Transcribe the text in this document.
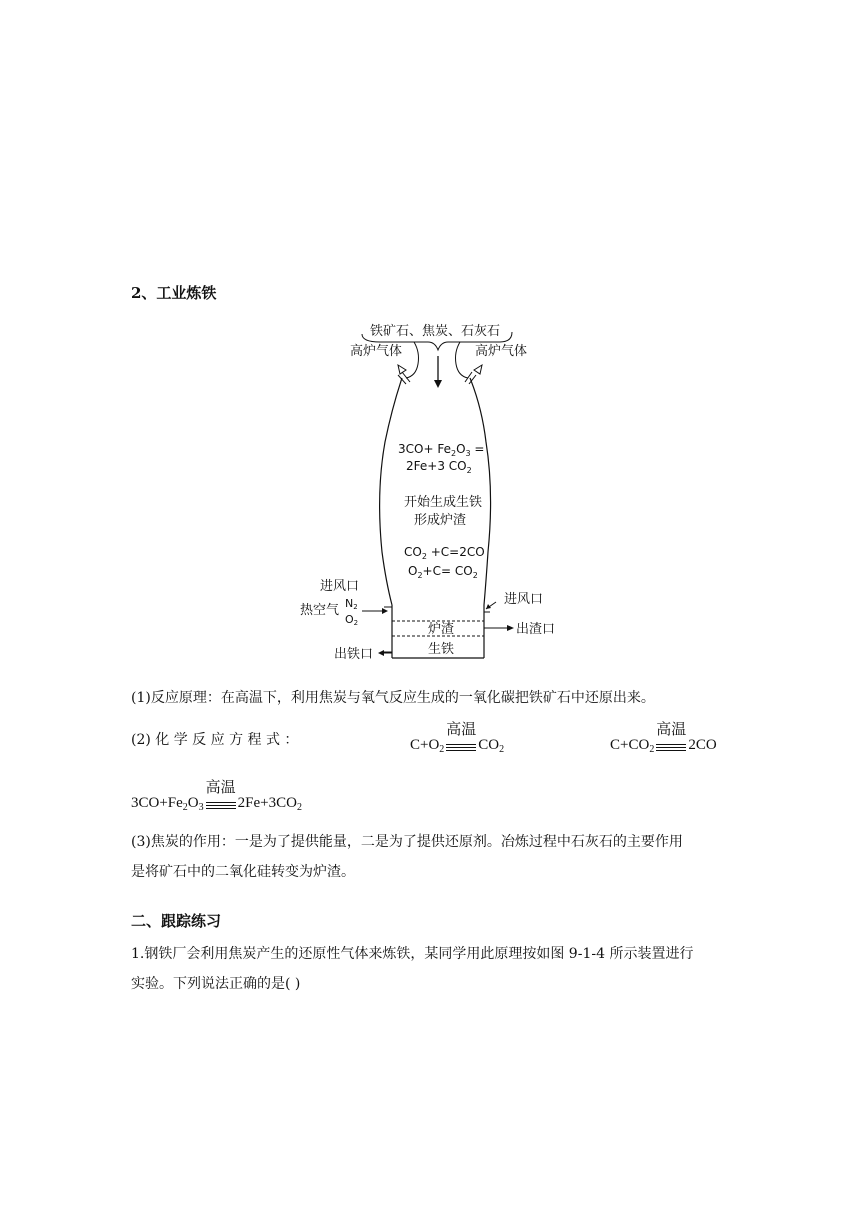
2、工业炼铁
铁矿石、焦炭、石灰石
高炉气体	高炉气体
$3CO+ Fe_2O_3$ =
2Fe+3 $CO_2$
开始生成生铁
形成炉渣
$CO_2 +C=2CO$
$O_2+C= CO_2$
进风口
热空气 N2
O2
进风口
炉渣
生铁
出渣口
出铁口
(1)反应原理：在高温下，利用焦炭与氧气反应生成的一氧化碳把铁矿石中还原出来。
(2) 化 学 反 应 方 程 式 ：	$C+O_2$
高温
$CO_2$	$C+CO_2$
高温
2CO
$3CO+Fe_2O_3$
高温
$2Fe+3CO_2$
(3)焦炭的作用：一是为了提供能量，二是为了提供还原剂。冶炼过程中石灰石的主要作用
是将矿石中的二氧化硅转变为炉渣。
二、跟踪练习
1.钢铁厂会利用焦炭产生的还原性气体来炼铁，某同学用此原理按如图 9-1-4 所示装置进行
实验。下列说法正确的是( )
